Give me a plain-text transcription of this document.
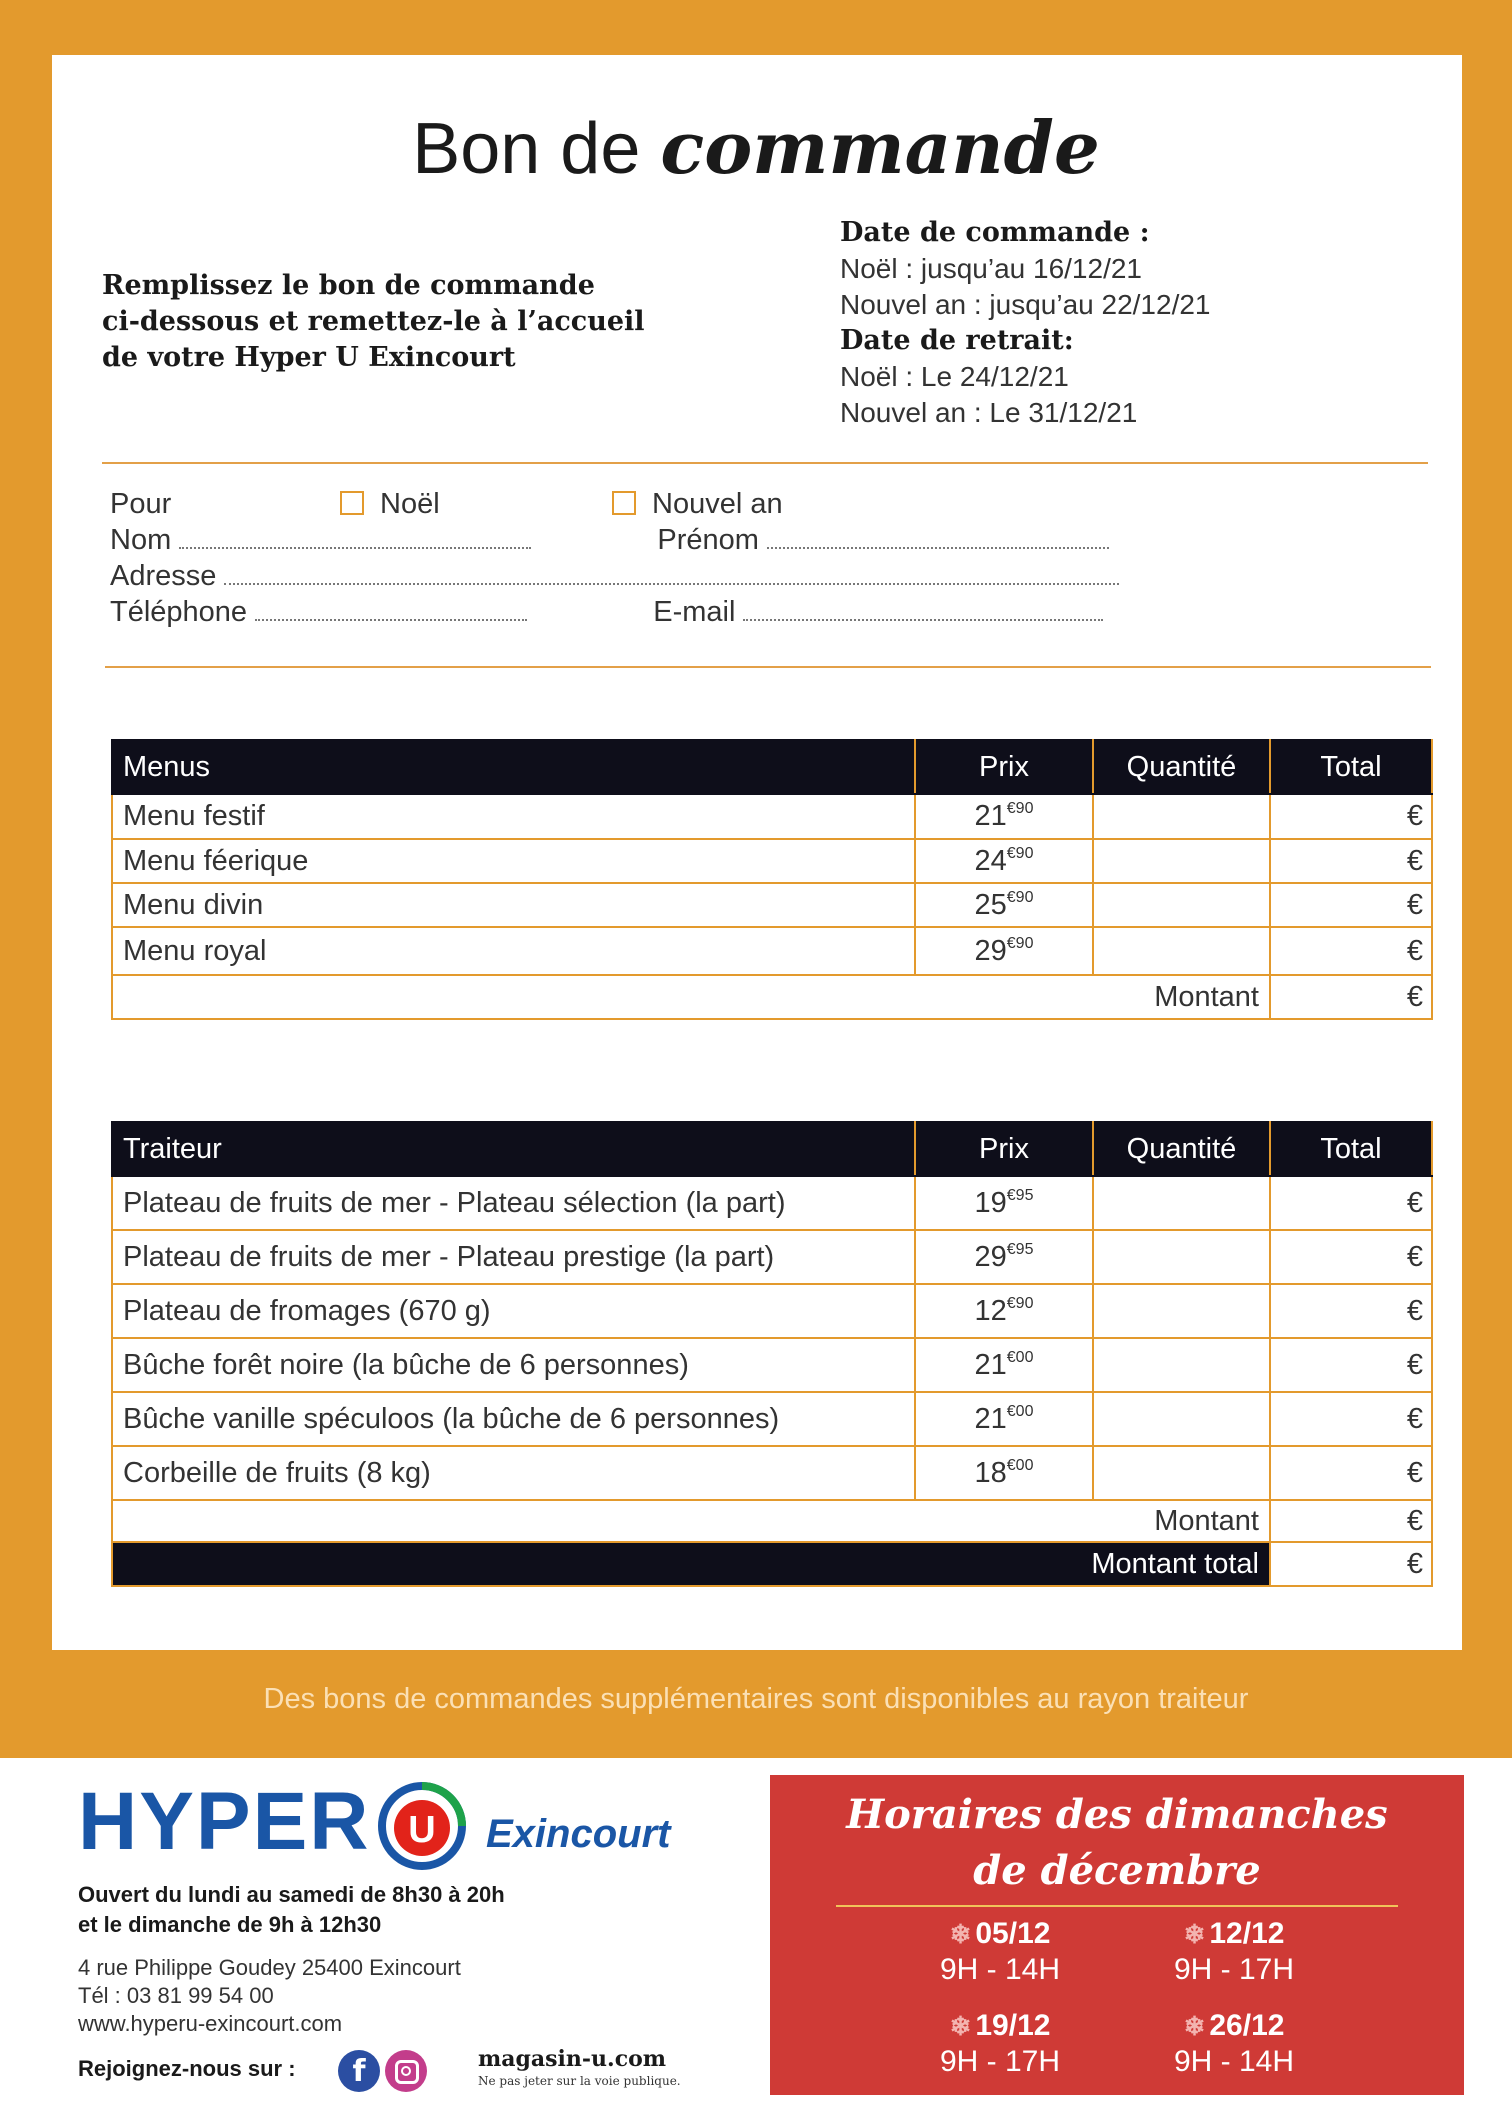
Bon de commande
Remplissez le bon de commande
ci-dessous et remettez-le à l’accueil
de votre Hyper U Exincourt
Date de commande :
Noël : jusqu’au 16/12/21
Nouvel an : jusqu’au 22/12/21
Date de retrait:
Noël : Le 24/12/21
Nouvel an : Le 31/12/21
Pour	Noël	Nouvel an
Nom	Prénom
Adresse
Téléphone	E-mail
Menus	Prix	Quantité	Total
Menu festif	$21^{€90}$		€
Menu féerique	$24^{€90}$		€
Menu divin	$25^{€90}$		€
Menu royal	$29^{€90}$		€
Montant			€
Traiteur	Prix	Quantité	Total
Plateau de fruits de mer - Plateau sélection (la part)	$19^{€95}$		€
Plateau de fruits de mer - Plateau prestige (la part)	$29^{€95}$		€
Plateau de fromages (670 g)	$12^{€90}$		€
Bûche forêt noire (la bûche de 6 personnes)	$21^{€00}$		€
Bûche vanille spéculoos (la bûche de 6 personnes)	$21^{€00}$		€
Corbeille de fruits (8 kg)	$18^{€00}$		€
Montant			€
Montant total			€
Des bons de commandes supplémentaires sont disponibles au rayon traiteur
HYPER U Exincourt
Ouvert du lundi au samedi de 8h30 à 20h
et le dimanche de 9h à 12h30
4 rue Philippe Goudey 25400 Exincourt
Tél : 03 81 99 54 00
www.hyperu-exincourt.com
Rejoignez-nous sur :	f	magasin-u.com
Ne pas jeter sur la voie publique.
Horaires des dimanches
de décembre
❄ 05/12
9H - 14H
❄ 12/12
9H - 17H
❄ 19/12
9H - 17H
❄ 26/12
9H - 14H
